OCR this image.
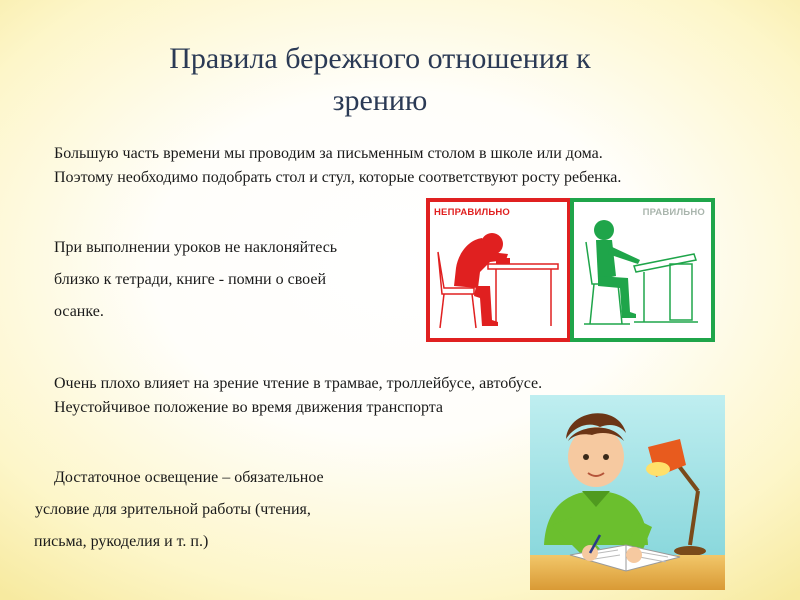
Правила бережного отношения к
зрению
Большую часть времени мы проводим за письменным столом в школе или дома.
Поэтому необходимо подобрать стол и стул, которые соответствуют росту ребенка.
При выполнении уроков не наклоняйтесь
близко к тетради, книге - помни о своей
осанке.
Очень плохо влияет на зрение чтение в трамвае, троллейбусе, автобусе.
Неустойчивое положение во время движения транспорта
Достаточное освещение – обязательное
условие для зрительной работы (чтения,
письма, рукоделия и т. п.)
НЕПРАВИЛЬНО	ПРАВИЛЬНО
